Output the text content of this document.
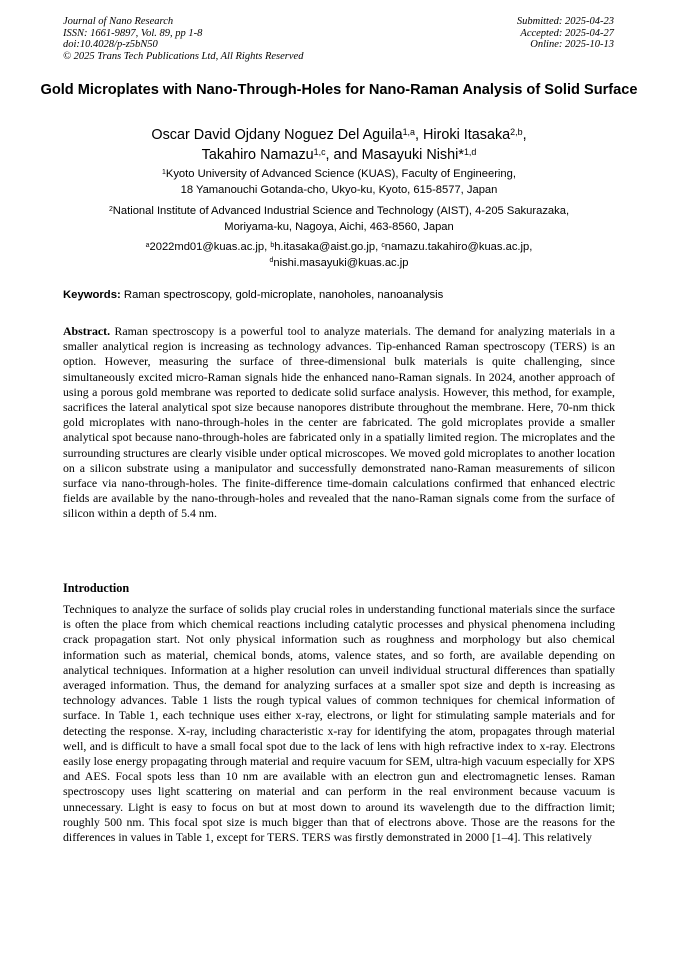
Journal of Nano Research
ISSN: 1661-9897, Vol. 89, pp 1-8
doi:10.4028/p-z5bN50
© 2025 Trans Tech Publications Ltd, All Rights Reserved
Submitted: 2025-04-23
Accepted: 2025-04-27
Online: 2025-10-13
Gold Microplates with Nano-Through-Holes for Nano-Raman Analysis of Solid Surface
Oscar David Ojdany Noguez Del Aguila$^{1,a}$, Hiroki Itasaka$^{2,b}$,
Takahiro Namazu$^{1,c}$, and Masayuki Nishi*$^{1,d}$
$^1$Kyoto University of Advanced Science (KUAS), Faculty of Engineering,
18 Yamanouchi Gotanda-cho, Ukyo-ku, Kyoto, 615-8577, Japan
$^2$National Institute of Advanced Industrial Science and Technology (AIST), 4-205 Sakurazaka,
Moriyama-ku, Nagoya, Aichi, 463-8560, Japan
$^a$2022md01@kuas.ac.jp, $^b$h.itasaka@aist.go.jp, $^c$namazu.takahiro@kuas.ac.jp,
$^d$nishi.masayuki@kuas.ac.jp
Keywords: Raman spectroscopy, gold-microplate, nanoholes, nanoanalysis
Abstract. Raman spectroscopy is a powerful tool to analyze materials. The demand for analyzing materials in a smaller analytical region is increasing as technology advances. Tip-enhanced Raman spectroscopy (TERS) is an option. However, measuring the surface of three-dimensional bulk materials is quite challenging, since simultaneously excited micro-Raman signals hide the enhanced nano-Raman signals. In 2024, another approach of using a porous gold membrane was reported to dedicate solid surface analysis. However, this method, for example, sacrifices the lateral analytical spot size because nanopores distribute throughout the membrane. Here, 70-nm thick gold microplates with nano-through-holes in the center are fabricated. The gold microplates provide a smaller analytical spot because nano-through-holes are fabricated only in a spatially limited region. The microplates and the surrounding structures are clearly visible under optical microscopes. We moved gold microplates to another location on a silicon substrate using a manipulator and successfully demonstrated nano-Raman measurements of silicon surface via nano-through-holes. The finite-difference time-domain calculations confirmed that enhanced electric fields are available by the nano-through-holes and revealed that the nano-Raman signals come from the surface of silicon within a depth of 5.4 nm.
Introduction
Techniques to analyze the surface of solids play crucial roles in understanding functional materials since the surface is often the place from which chemical reactions including catalytic processes and physical phenomena including crack propagation start. Not only physical information such as roughness and morphology but also chemical information such as material, chemical bonds, atoms, valence states, and so forth, are available depending on analytical techniques. Information at a higher resolution can unveil individual structural differences than spatially averaged information. Thus, the demand for analyzing surfaces at a smaller spot size and depth is increasing as technology advances. Table 1 lists the rough typical values of common techniques for chemical information of surface. In Table 1, each technique uses either x-ray, electrons, or light for stimulating sample materials and for detecting the response. X-ray, including characteristic x-ray for identifying the atom, propagates through material well, and is difficult to have a small focal spot due to the lack of lens with high refractive index to x-ray. Electrons easily lose energy propagating through material and require vacuum for SEM, ultra-high vacuum especially for XPS and AES. Focal spots less than 10 nm are available with an electron gun and electromagnetic lenses. Raman spectroscopy uses light scattering on material and can perform in the real environment because vacuum is unnecessary. Light is easy to focus on but at most down to around its wavelength due to the diffraction limit; roughly 500 nm. This focal spot size is much bigger than that of electrons above. Those are the reasons for the differences in values in Table 1, except for TERS. TERS was firstly demonstrated in 2000 [1–4]. This relatively
